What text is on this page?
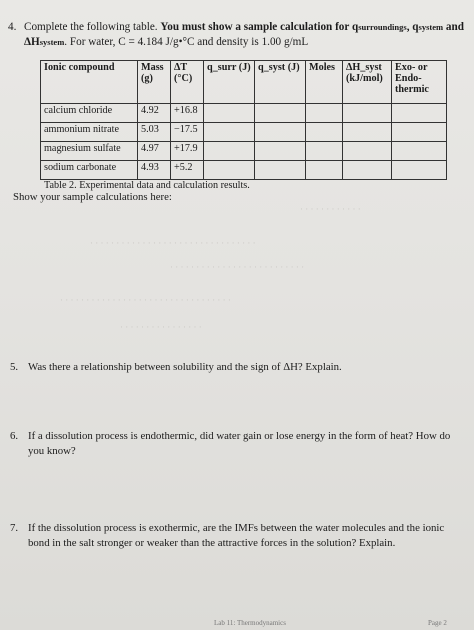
4. Complete the following table. You must show a sample calculation for qsurroundings, qsystem and
ΔHsystem. For water, C = 4.184 J/g•°C and density is 1.00 g/mL
Ionic compound	Mass (g)	ΔT (°C)	q_surr (J)	q_syst (J)	Moles	ΔH_syst (kJ/mol)	Exo- or Endo-thermic
calcium chloride	4.92	+16.8					
ammonium nitrate	5.03	−17.5					
magnesium sulfate	4.97	+17.9					
sodium carbonate	4.93	+5.2					
Table 2. Experimental data and calculation results.
Show your sample calculations here:
· · · · · · · · · · · ·
· · · · · · · · · · · · · · · · · · · · · · · · · · · · · · · ·
· · · · · · · · · · · · · · · · · · · · · · · · · ·
· · · · · · · · · · · · · · · · · · · · · · · · · · · · · · · · ·
· · · · · · · · · · · · · · · ·
5. Was there a relationship between solubility and the sign of ΔH? Explain.
6. If a dissolution process is endothermic, did water gain or lose energy in the form of heat? How do you know?
7. If the dissolution process is exothermic, are the IMFs between the water molecules and the ionic bond in the salt stronger or weaker than the attractive forces in the solution? Explain.
Lab 11: Thermodynamics	Page 2
